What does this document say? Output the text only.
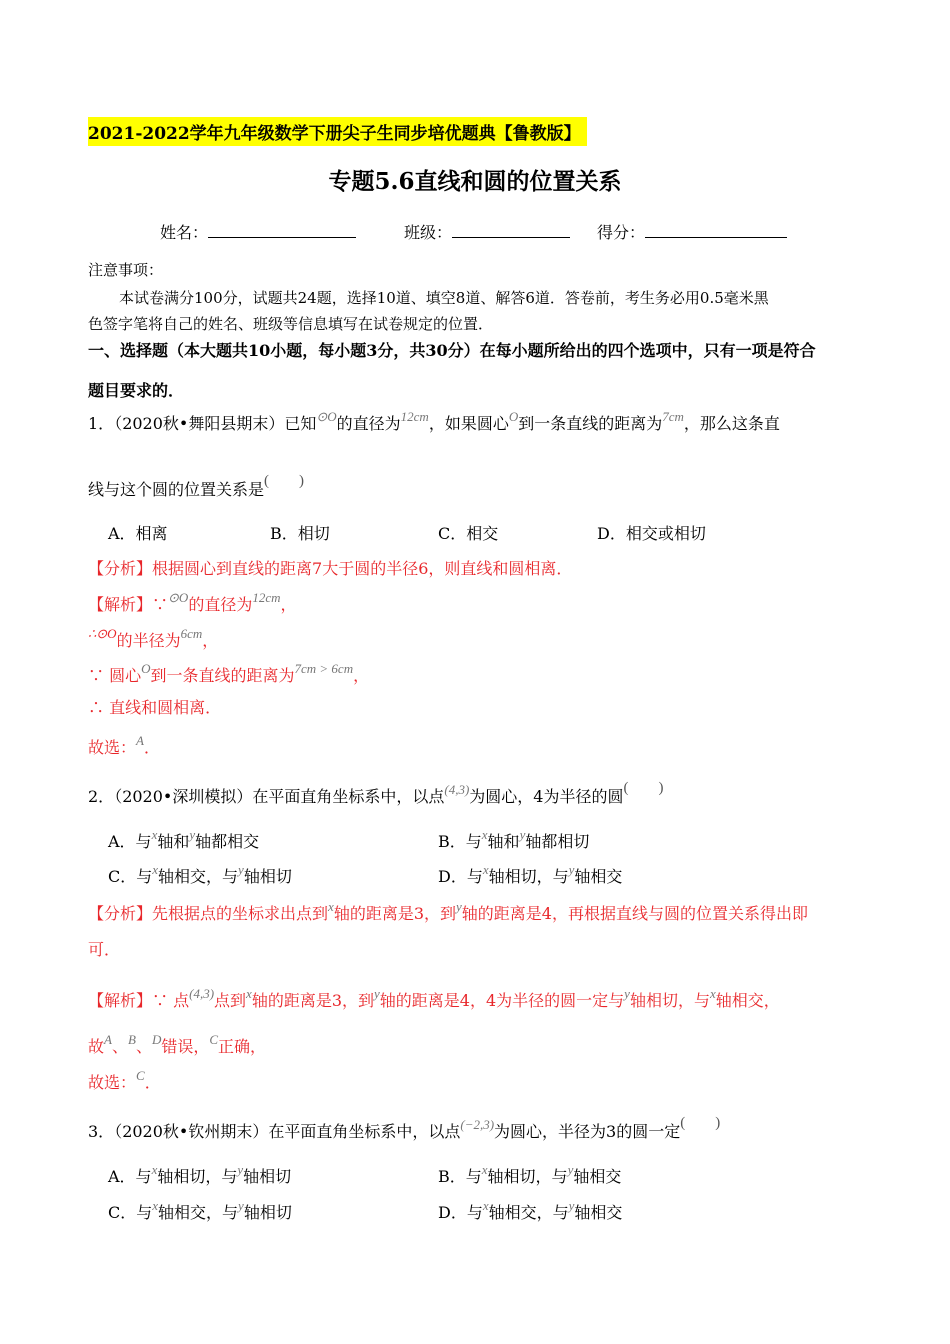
2021-2022学年九年级数学下册尖子生同步培优题典【鲁教版】
专题5.6直线和圆的位置关系
姓名：	班级：	得分：
注意事项：
本试卷满分100分，试题共24题，选择10道、填空8道、解答6道．答卷前，考生务必用0.5毫米黑
色签字笔将自己的姓名、班级等信息填写在试卷规定的位置．
一、选择题（本大题共10小题，每小题3分，共30分）在每小题所给出的四个选项中，只有一项是符合
题目要求的．
1．（2020秋•舞阳县期末）已知$^{⊙O}$的直径为$^{12cm}$，如果圆心$^O$到一条直线的距离为$^{7cm}$，那么这条直
线与这个圆的位置关系是(　　)
A．相离	B．相切	C．相交	D．相交或相切
【分析】根据圆心到直线的距离7大于圆的半径6，则直线和圆相离．
【解析】∵$^{⊙O}$的直径为$^{12cm}$，
$^{\therefore⊙O}$的半径为$^{6cm}$，
∵ 圆心$^O$到一条直线的距离为$^{7cm > 6cm}$，
∴ 直线和圆相离．
故选：$^A$．
2．（2020•深圳模拟）在平面直角坐标系中，以点$^{(4,3)}$为圆心，4为半径的圆(　　)
A．与$^x$轴和$^y$轴都相交	B．与$^x$轴和$^y$轴都相切
C．与$^x$轴相交，与$^y$轴相切	D．与$^x$轴相切，与$^y$轴相交
【分析】先根据点的坐标求出点到$^x$轴的距离是3，到$^y$轴的距离是4，再根据直线与圆的位置关系得出即
可．
【解析】∵ 点$^{(4,3)}$点到$^x$轴的距离是3，到$^y$轴的距离是4，4为半径的圆一定与$^y$轴相切，与$^x$轴相交，
故$^A$、$^B$、$^D$错误，$^C$正确，
故选：$^C$．
3．（2020秋•钦州期末）在平面直角坐标系中，以点$^{(-2,3)}$为圆心，半径为3的圆一定(　　)
A．与$^x$轴相切，与$^y$轴相切	B．与$^x$轴相切，与$^y$轴相交
C．与$^x$轴相交，与$^y$轴相切	D．与$^x$轴相交，与$^y$轴相交
